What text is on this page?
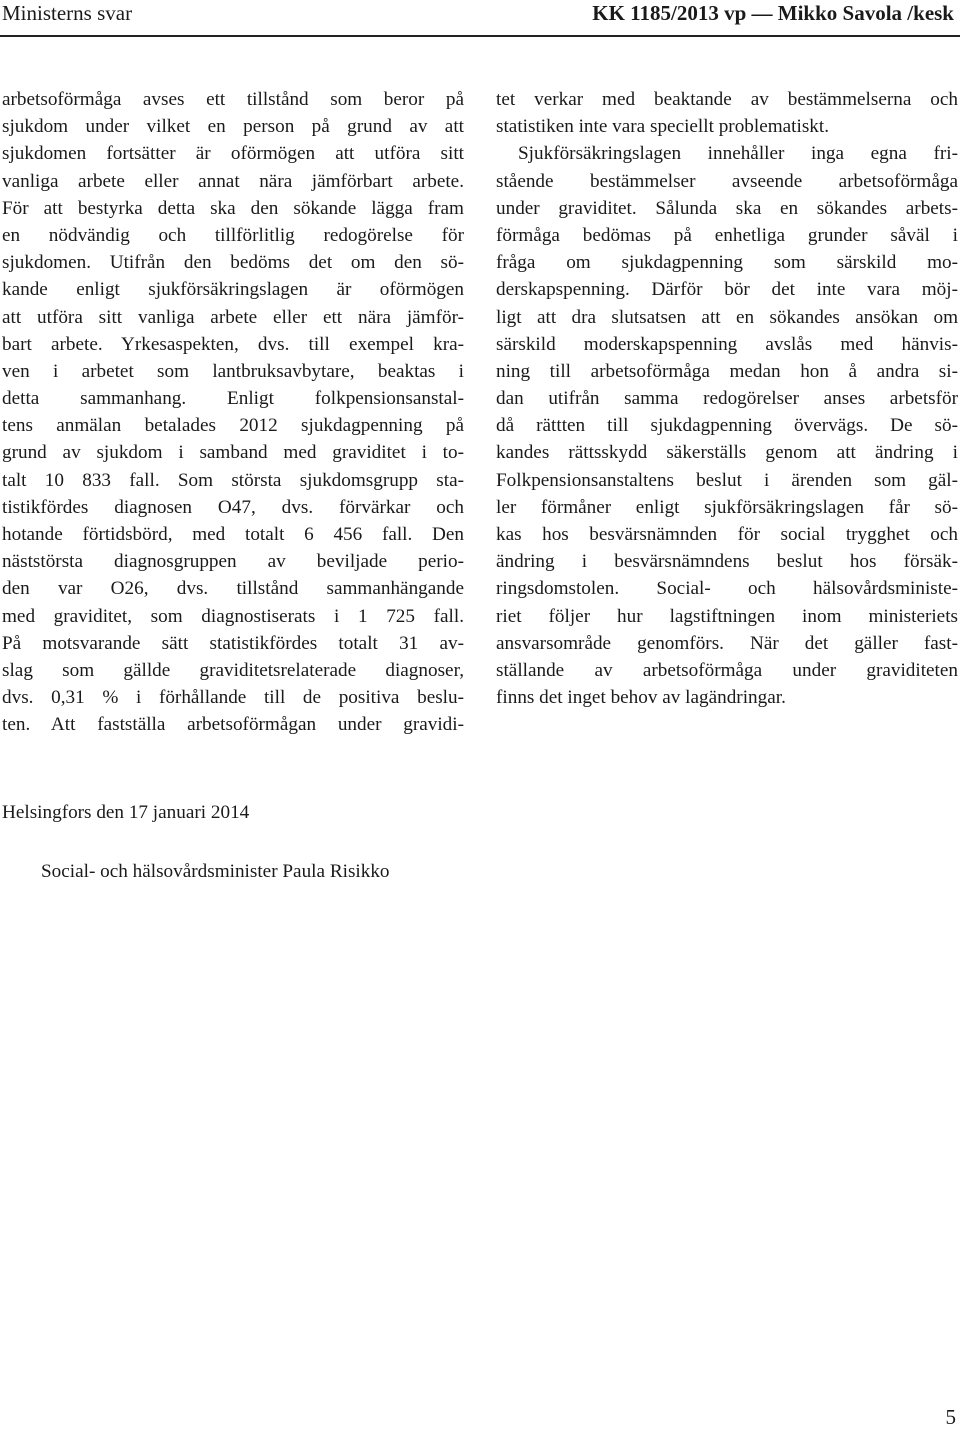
Ministerns svar	KK 1185/2013 vp — Mikko Savola /kesk
arbetsoförmåga avses ett tillstånd som beror på
sjukdom under vilket en person på grund av att
sjukdomen fortsätter är oförmögen att utföra sitt
vanliga arbete eller annat nära jämförbart arbete.
För att bestyrka detta ska den sökande lägga fram
en nödvändig och tillförlitlig redogörelse för
sjukdomen. Utifrån den bedöms det om den sö-
kande enligt sjukförsäkringslagen är oförmögen
att utföra sitt vanliga arbete eller ett nära jämför-
bart arbete. Yrkesaspekten, dvs. till exempel kra-
ven i arbetet som lantbruksavbytare, beaktas i
detta sammanhang. Enligt folkpensionsanstal-
tens anmälan betalades 2012 sjukdagpenning på
grund av sjukdom i samband med graviditet i to-
talt 10 833 fall. Som största sjukdomsgrupp sta-
tistikfördes diagnosen O47, dvs. förvärkar och
hotande förtidsbörd, med totalt 6 456 fall. Den
näststörsta diagnosgruppen av beviljade perio-
den var O26, dvs. tillstånd sammanhängande
med graviditet, som diagnostiserats i 1 725 fall.
På motsvarande sätt statistikfördes totalt 31 av-
slag som gällde graviditetsrelaterade diagnoser,
dvs. 0,31 % i förhållande till de positiva beslu-
ten. Att fastställa arbetsoförmågan under gravidi-
tet verkar med beaktande av bestämmelserna och
statistiken inte vara speciellt problematiskt.
Sjukförsäkringslagen innehåller inga egna fri-
stående bestämmelser avseende arbetsoförmåga
under graviditet. Sålunda ska en sökandes arbets-
förmåga bedömas på enhetliga grunder såväl i
fråga om sjukdagpenning som särskild mo-
derskapspenning. Därför bör det inte vara möj-
ligt att dra slutsatsen att en sökandes ansökan om
särskild moderskapspenning avslås med hänvis-
ning till arbetsoförmåga medan hon å andra si-
dan utifrån samma redogörelser anses arbetsför
då rättten till sjukdagpenning övervägs. De sö-
kandes rättsskydd säkerställs genom att ändring i
Folkpensionsanstaltens beslut i ärenden som gäl-
ler förmåner enligt sjukförsäkringslagen får sö-
kas hos besvärsnämnden för social trygghet och
ändring i besvärsnämndens beslut hos försäk-
ringsdomstolen. Social- och hälsovårdsministe-
riet följer hur lagstiftningen inom ministeriets
ansvarsområde genomförs. När det gäller fast-
ställande av arbetsoförmåga under graviditeten
finns det inget behov av lagändringar.
Helsingfors den 17 januari 2014
Social- och hälsovårdsminister Paula Risikko
5
